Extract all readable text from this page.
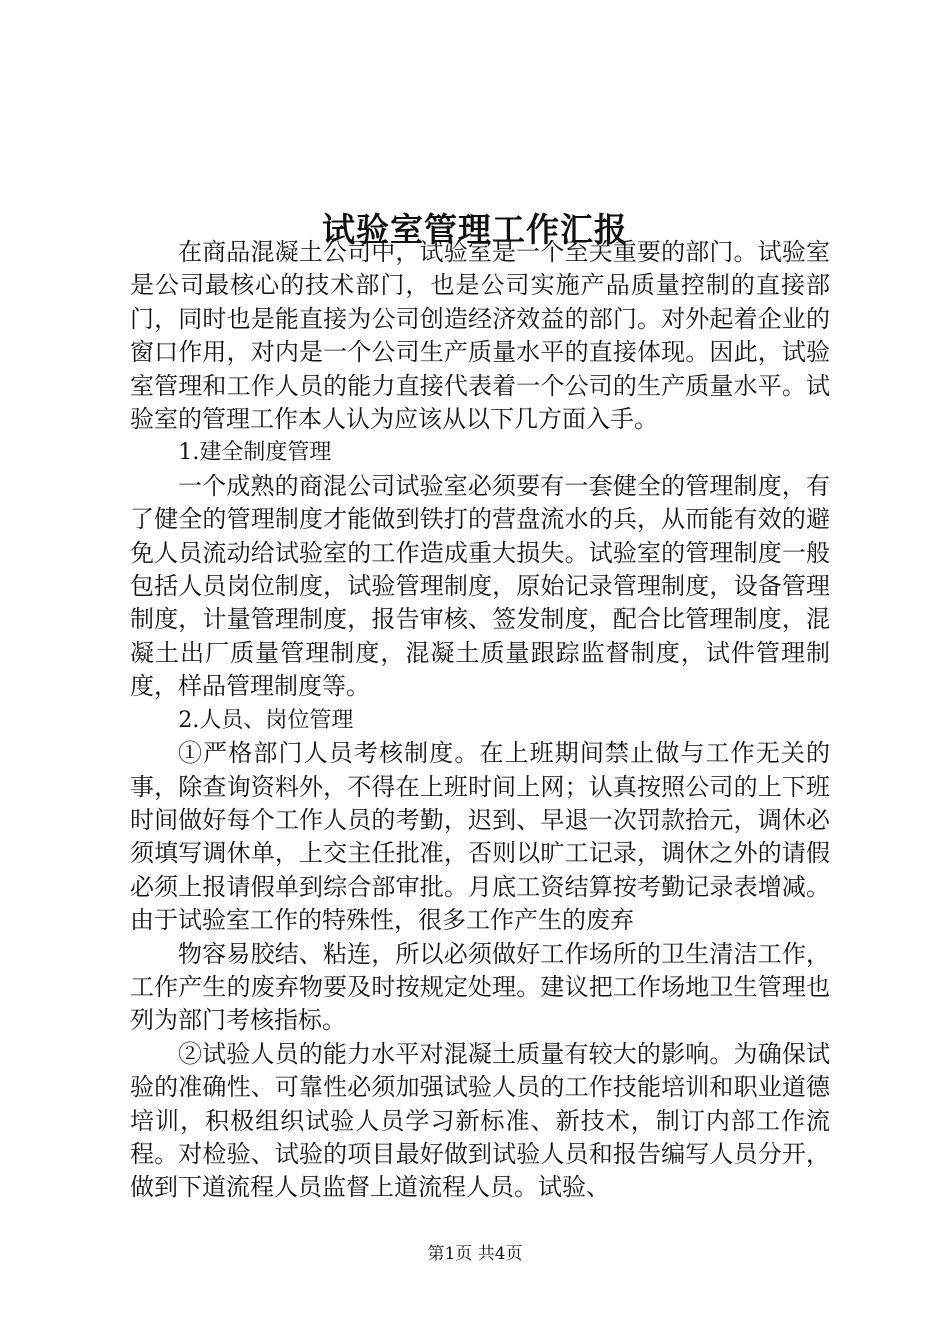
试验室管理工作汇报

在商品混凝土公司中，试验室是一个至关重要的部门。试验室是公司最核心的技术部门，也是公司实施产品质量控制的直接部门，同时也是能直接为公司创造经济效益的部门。对外起着企业的窗口作用，对内是一个公司生产质量水平的直接体现。因此，试验室管理和工作人员的能力直接代表着一个公司的生产质量水平。试验室的管理工作本人认为应该从以下几方面入手。

1.建全制度管理

一个成熟的商混公司试验室必须要有一套健全的管理制度，有了健全的管理制度才能做到铁打的营盘流水的兵，从而能有效的避免人员流动给试验室的工作造成重大损失。试验室的管理制度一般包括人员岗位制度，试验管理制度，原始记录管理制度，设备管理制度，计量管理制度，报告审核、签发制度，配合比管理制度，混凝土出厂质量管理制度，混凝土质量跟踪监督制度，试件管理制度，样品管理制度等。

2.人员、岗位管理

①严格部门人员考核制度。在上班期间禁止做与工作无关的事，除查询资料外，不得在上班时间上网；认真按照公司的上下班时间做好每个工作人员的考勤，迟到、早退一次罚款拾元，调休必须填写调休单，上交主任批准，否则以旷工记录，调休之外的请假必须上报请假单到综合部审批。月底工资结算按考勤记录表增减。由于试验室工作的特殊性，很多工作产生的废弃

物容易胶结、粘连，所以必须做好工作场所的卫生清洁工作，工作产生的废弃物要及时按规定处理。建议把工作场地卫生管理也列为部门考核指标。

②试验人员的能力水平对混凝土质量有较大的影响。为确保试验的准确性、可靠性必须加强试验人员的工作技能培训和职业道德培训，积极组织试验人员学习新标准、新技术，制订内部工作流程。对检验、试验的项目最好做到试验人员和报告编写人员分开，做到下道流程人员监督上道流程人员。试验、

第1页 共4页
